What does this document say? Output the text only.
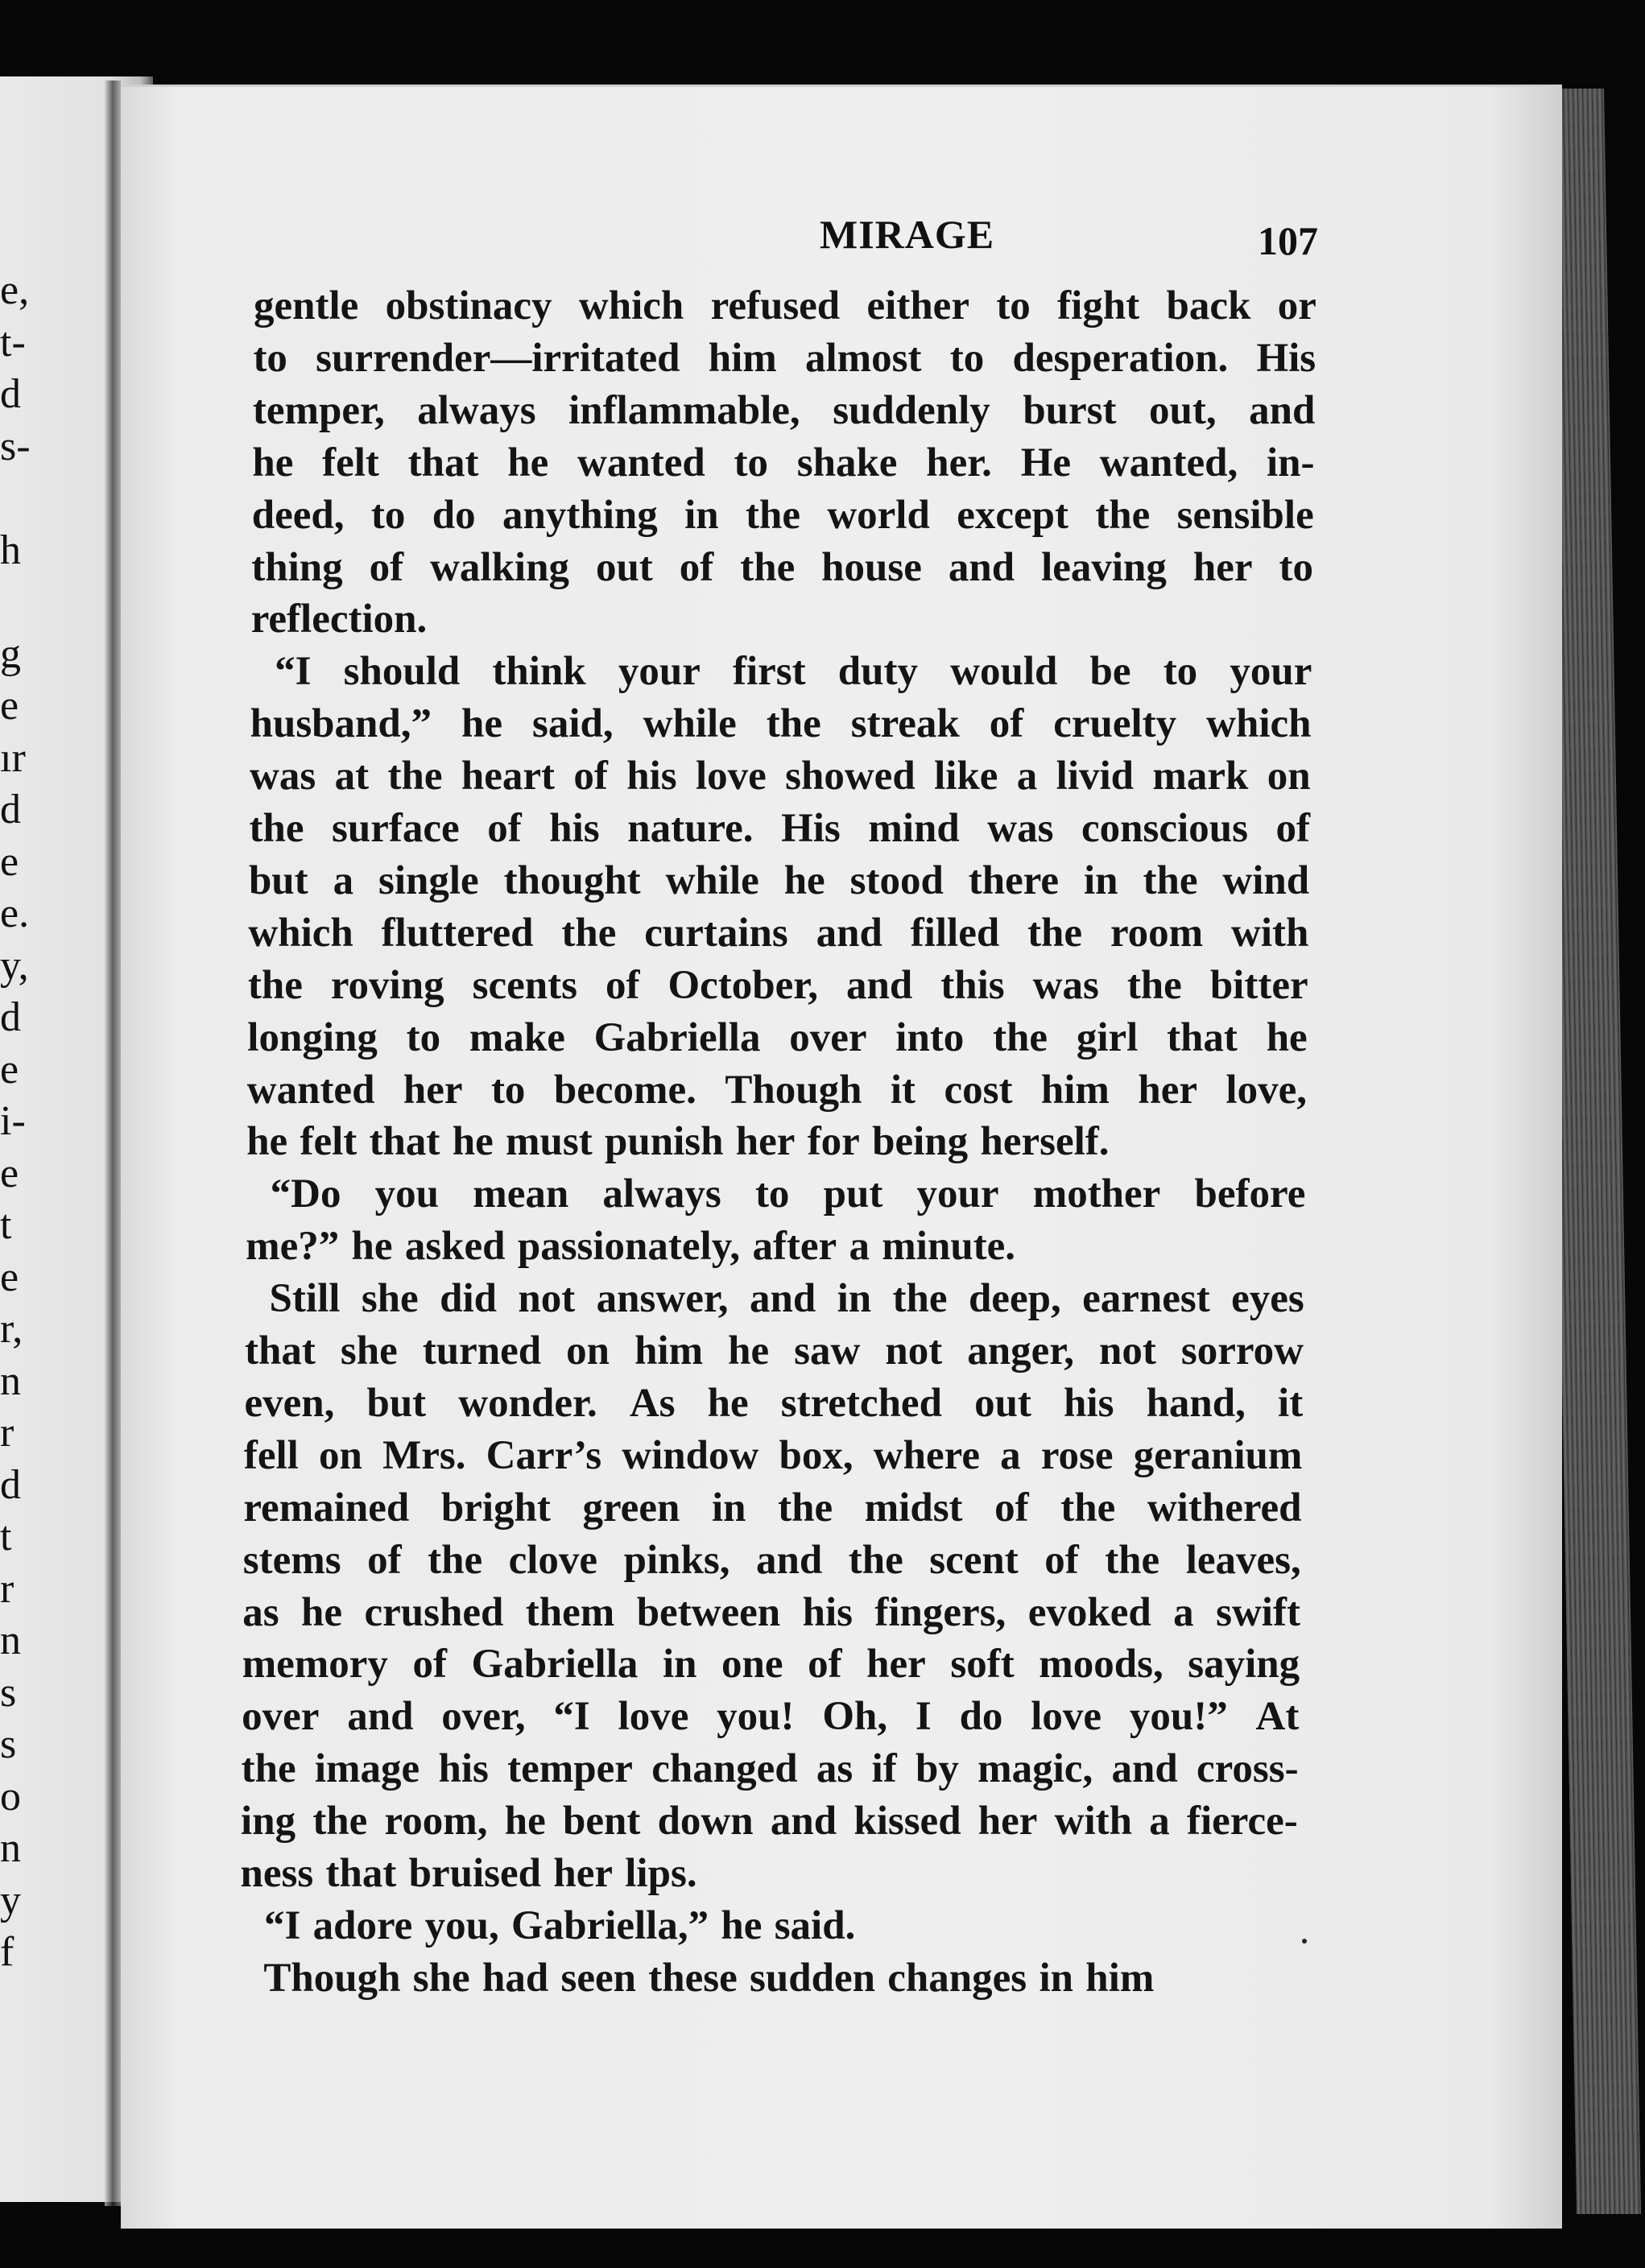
e,
t-
d
s-
h
g
e
ır
d
e
e.
y,
d
e
i-
e
t
e
r,
n
r
d
t
r
n
s
s
o
n
y
f
MIRAGE	107
gentle obstinacy which refused either to fight back or
to surrender—irritated him almost to desperation. His
temper, always inflammable, suddenly burst out, and
he felt that he wanted to shake her. He wanted, in-
deed, to do anything in the world except the sensible
thing of walking out of the house and leaving her to
reflection.
“I should think your first duty would be to your
husband,” he said, while the streak of cruelty which
was at the heart of his love showed like a livid mark on
the surface of his nature. His mind was conscious of
but a single thought while he stood there in the wind
which fluttered the curtains and filled the room with
the roving scents of October, and this was the bitter
longing to make Gabriella over into the girl that he
wanted her to become. Though it cost him her love,
he felt that he must punish her for being herself.
“Do you mean always to put your mother before
me?” he asked passionately, after a minute.
Still she did not answer, and in the deep, earnest eyes
that she turned on him he saw not anger, not sorrow
even, but wonder. As he stretched out his hand, it
fell on Mrs. Carr’s window box, where a rose geranium
remained bright green in the midst of the withered
stems of the clove pinks, and the scent of the leaves,
as he crushed them between his fingers, evoked a swift
memory of Gabriella in one of her soft moods, saying
over and over, “I love you! Oh, I do love you!” At
the image his temper changed as if by magic, and cross-
ing the room, he bent down and kissed her with a fierce-
ness that bruised her lips.
“I adore you, Gabriella,” he said.
Though she had seen these sudden changes in him
